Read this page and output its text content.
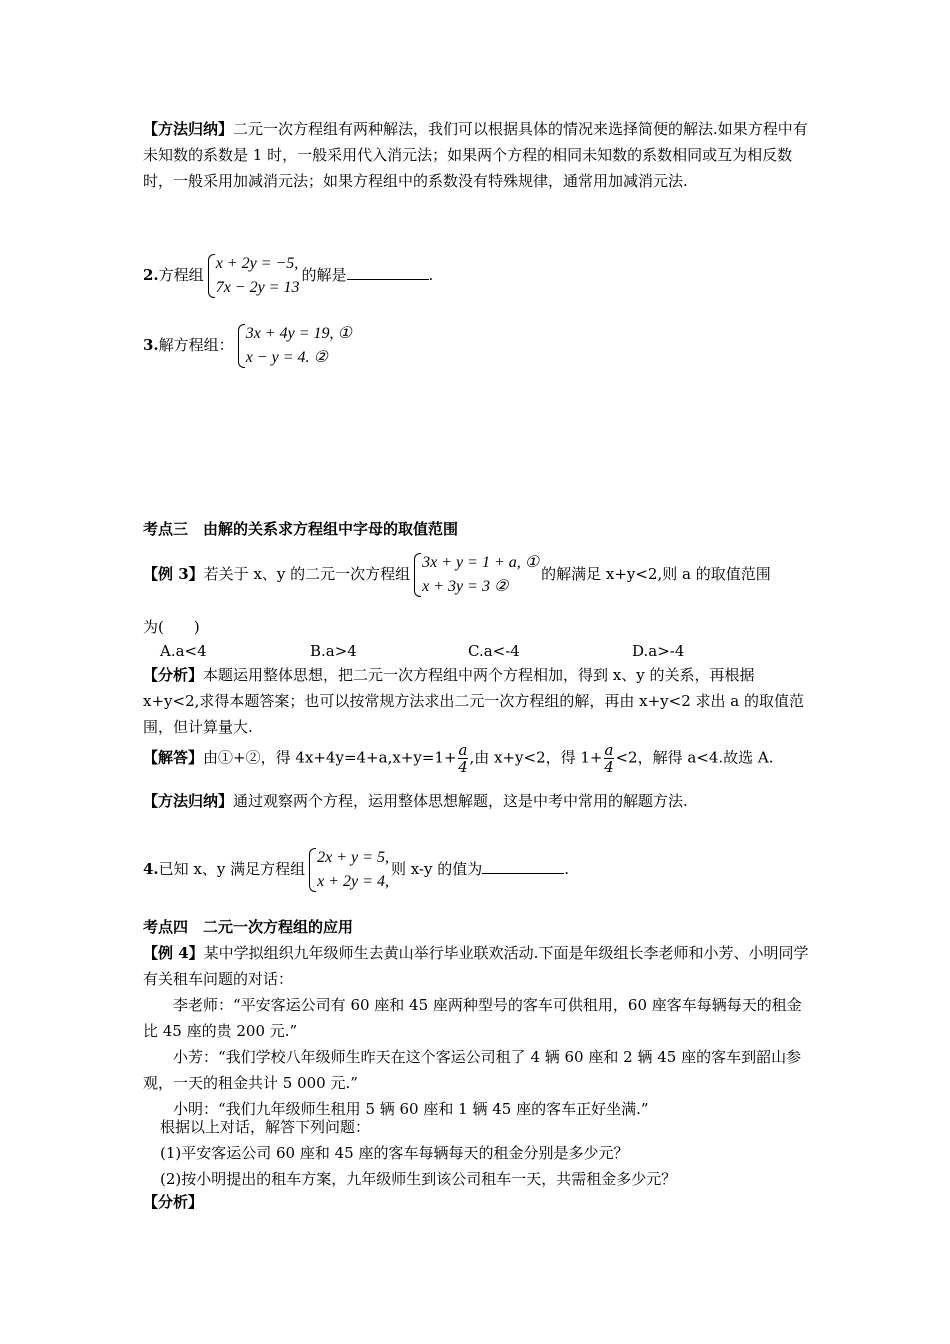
【方法归纳】二元一次方程组有两种解法，我们可以根据具体的情况来选择简便的解法.如果方程中有未知数的系数是 1 时，一般采用代入消元法；如果两个方程的相同未知数的系数相同或互为相反数时，一般采用加减消元法；如果方程组中的系数没有特殊规律，通常用加减消元法.
2.方程组
x + 2y = −5,
7x − 2y = 13
的解是	.
3.解方程组：
3x + 4y = 19, ①
x − y = 4. ②
考点三　由解的关系求方程组中字母的取值范围
【例 3】若关于 x、y 的二元一次方程组
3x + y = 1 + a, ①
x + 3y = 3 ②
的解满足 x+y<2,则 a 的取值范围
为(　　)
A.a<4	B.a>4	C.a<-4	D.a>-4
【分析】本题运用整体思想，把二元一次方程组中两个方程相加，得到 x、y 的关系，再根据 x+y<2,求得本题答案；也可以按常规方法求出二元一次方程组的解，再由 x+y<2 求出 a 的取值范围，但计算量大.
【解答】由①+②，得 $4x+4y=4+a,x+y=1+ \frac{a}{4}$ ,由 x+y<2，得 $1+ \frac{a}{4} <2$，解得 a<4.故选 A.
【方法归纳】通过观察两个方程，运用整体思想解题，这是中考中常用的解题方法.
4.已知 x、y 满足方程组
2x + y = 5,
x + 2y = 4,
则 x-y 的值为	.
考点四　二元一次方程组的应用
【例 4】某中学拟组织九年级师生去黄山举行毕业联欢活动.下面是年级组长李老师和小芳、小明同学有关租车问题的对话：
李老师：“平安客运公司有 60 座和 45 座两种型号的客车可供租用，60 座客车每辆每天的租金比 45 座的贵 200 元.”
小芳：“我们学校八年级师生昨天在这个客运公司租了 4 辆 60 座和 2 辆 45 座的客车到韶山参观，一天的租金共计 5 000 元.”
小明：“我们九年级师生租用 5 辆 60 座和 1 辆 45 座的客车正好坐满.”
根据以上对话，解答下列问题：
(1)平安客运公司 60 座和 45 座的客车每辆每天的租金分别是多少元？
(2)按小明提出的租车方案，九年级师生到该公司租车一天，共需租金多少元？
【分析】
